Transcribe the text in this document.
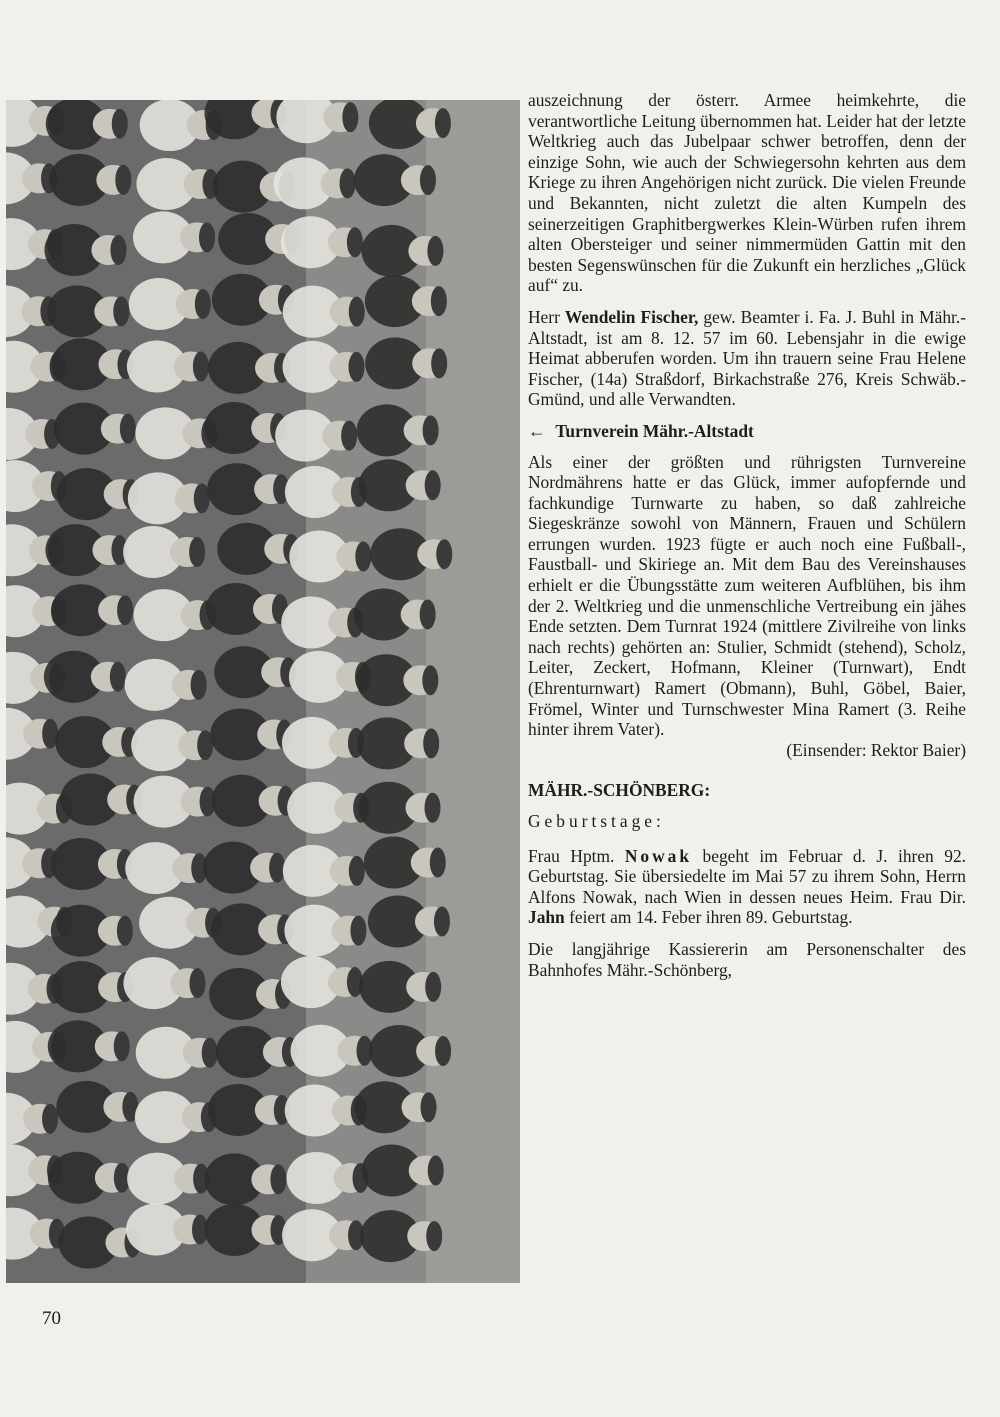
auszeichnung der österr. Armee heimkehrte, die verantwortliche Leitung übernommen hat. Leider hat der letzte Weltkrieg auch das Jubelpaar schwer betroffen, denn der einzige Sohn, wie auch der Schwiegersohn kehrten aus dem Kriege zu ihren Angehörigen nicht zurück. Die vielen Freunde und Bekannten, nicht zuletzt die alten Kumpeln des seinerzeitigen Graphitbergwerkes Klein-Würben rufen ihrem alten Obersteiger und seiner nimmermüden Gattin mit den besten Segenswünschen für die Zukunft ein herzliches „Glück auf“ zu.

Herr Wendelin Fischer, gew. Beamter i. Fa. J. Buhl in Mähr.-Altstadt, ist am 8. 12. 57 im 60. Lebensjahr in die ewige Heimat abberufen worden. Um ihn trauern seine Frau Helene Fischer, (14a) Straßdorf, Birkachstraße 276, Kreis Schwäb.-Gmünd, und alle Verwandten.

← Turnverein Mähr.-Altstadt

Als einer der größten und rührigsten Turnvereine Nordmährens hatte er das Glück, immer aufopfernde und fachkundige Turnwarte zu haben, so daß zahlreiche Siegeskränze sowohl von Männern, Frauen und Schülern errungen wurden. 1923 fügte er auch noch eine Fußball-, Faustball- und Skiriege an. Mit dem Bau des Vereinshauses erhielt er die Übungsstätte zum weiteren Aufblühen, bis ihm der 2. Weltkrieg und die unmenschliche Vertreibung ein jähes Ende setzten. Dem Turnrat 1924 (mittlere Zivilreihe von links nach rechts) gehörten an: Stulier, Schmidt (stehend), Scholz, Leiter, Zeckert, Hofmann, Kleiner (Turnwart), Endt (Ehrenturnwart) Ramert (Obmann), Buhl, Göbel, Baier, Frömel, Winter und Turnschwester Mina Ramert (3. Reihe hinter ihrem Vater).

(Einsender: Rektor Baier)
MÄHR.-SCHÖNBERG:
Geburtstage:

Frau Hptm. Nowak begeht im Februar d. J. ihren 92. Geburtstag. Sie übersiedelte im Mai 57 zu ihrem Sohn, Herrn Alfons Nowak, nach Wien in dessen neues Heim. Frau Dir. Jahn feiert am 14. Feber ihren 89. Geburtstag.

Die langjährige Kassiererin am Personenschalter des Bahnhofes Mähr.-Schönberg,

70
